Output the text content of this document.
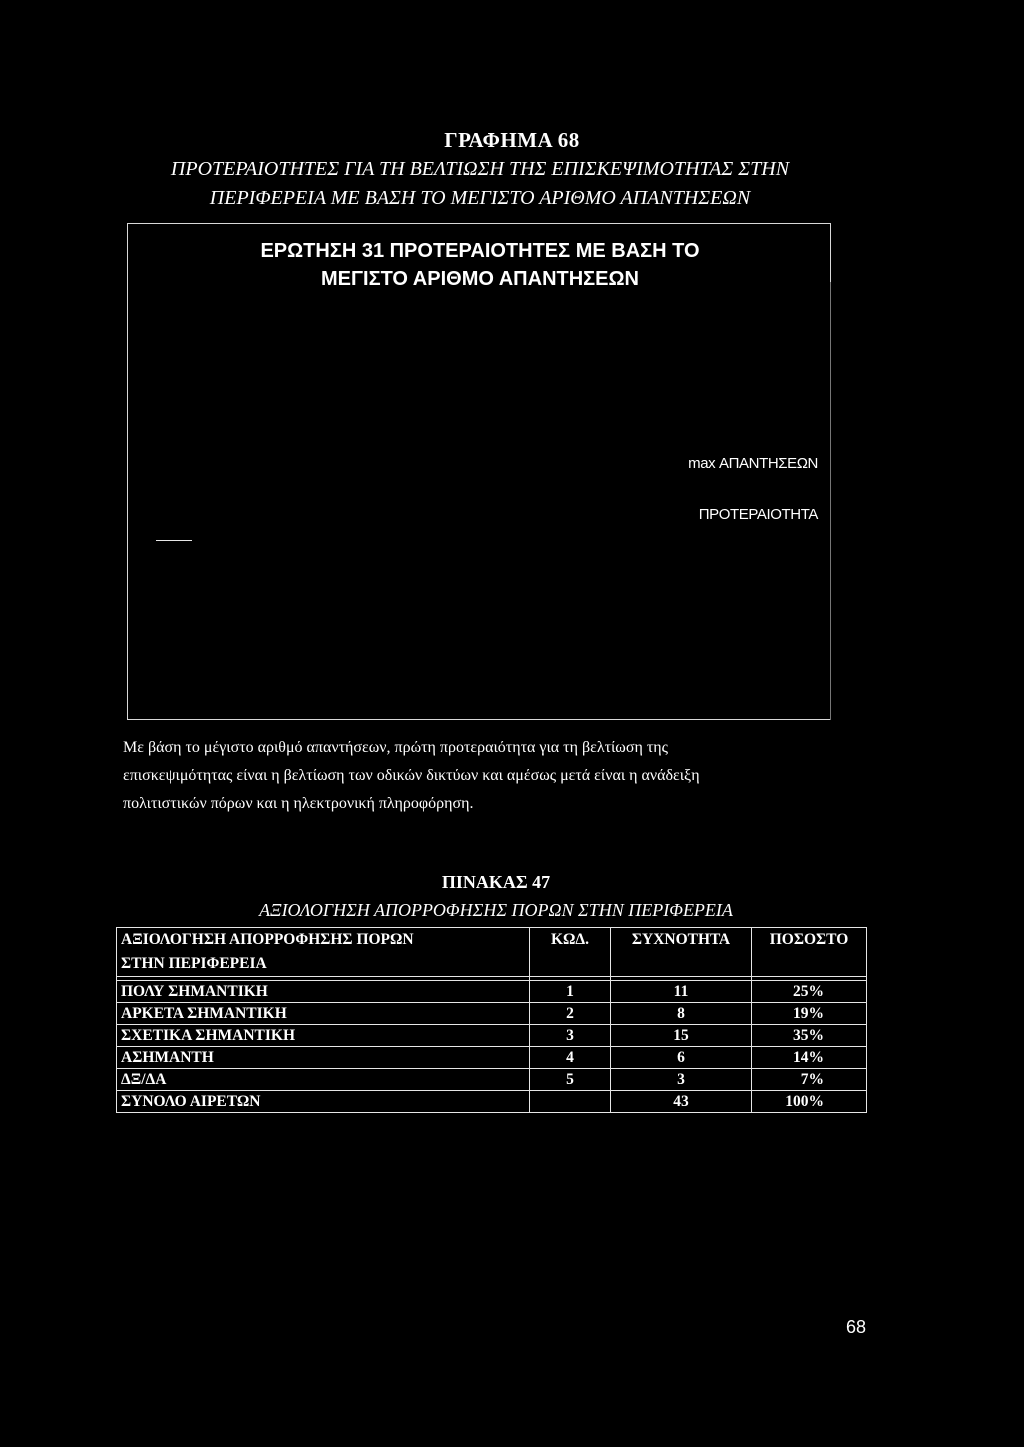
ΓΡΑΦΗΜΑ 68
ΠΡΟΤΕΡΑΙΟΤΗΤΕΣ ΓΙΑ ΤΗ ΒΕΛΤΙΩΣΗ ΤΗΣ ΕΠΙΣΚΕΨΙΜΟΤΗΤΑΣ ΣΤΗΝ
ΠΕΡΙΦΕΡΕΙΑ ΜΕ ΒΑΣΗ ΤΟ ΜΕΓΙΣΤΟ ΑΡΙΘΜΟ ΑΠΑΝΤΗΣΕΩΝ
ΕΡΩΤΗΣΗ 31 ΠΡΟΤΕΡΑΙΟΤΗΤΕΣ ΜΕ ΒΑΣΗ ΤΟ
ΜΕΓΙΣΤΟ ΑΡΙΘΜΟ ΑΠΑΝΤΗΣΕΩΝ
max ΑΠΑΝΤΗΣΕΩΝ
ΠΡΟΤΕΡΑΙΟΤΗΤΑ
Με βάση το μέγιστο αριθμό απαντήσεων, πρώτη προτεραιότητα για τη βελτίωση της
επισκεψιμότητας είναι η βελτίωση των οδικών δικτύων και αμέσως μετά είναι η ανάδειξη
πολιτιστικών πόρων και η ηλεκτρονική πληροφόρηση.
ΠΙΝΑΚΑΣ 47
ΑΞΙΟΛΟΓΗΣΗ ΑΠΟΡΡΟΦΗΣΗΣ ΠΟΡΩΝ ΣΤΗΝ ΠΕΡΙΦΕΡΕΙΑ
ΑΞΙΟΛΟΓΗΣΗ ΑΠΟΡΡΟΦΗΣΗΣ ΠΟΡΩΝ
ΣΤΗΝ ΠΕΡΙΦΕΡΕΙΑ	ΚΩΔ.	ΣΥΧΝΟΤΗΤΑ	ΠΟΣΟΣΤΟ

ΠΟΛΥ ΣΗΜΑΝΤΙΚΗ	1	11	25%
ΑΡΚΕΤΑ ΣΗΜΑΝΤΙΚΗ	2	8	19%
ΣΧΕΤΙΚΑ ΣΗΜΑΝΤΙΚΗ	3	15	35%
ΑΣΗΜΑΝΤΗ	4	6	14%
ΔΞ/ΔΑ	5	3	7%
ΣΥΝΟΛΟ ΑΙΡΕΤΩΝ		43	100%
68
